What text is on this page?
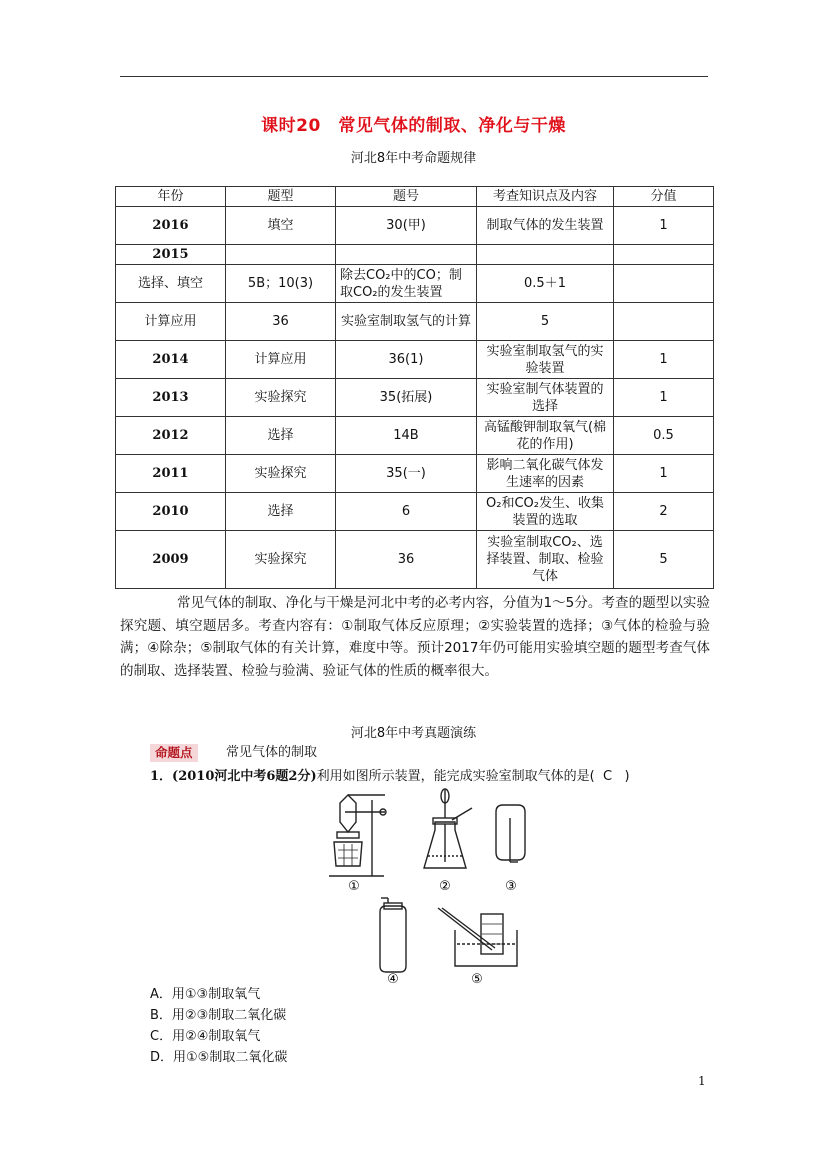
课时20　常见气体的制取、净化与干燥
河北8年中考命题规律
年份	题型	题号	考查知识点及内容	分值
2016	填空	30(甲)	制取气体的发生装置	1
2015				
选择、填空	5B；10(3)	除去CO₂中的CO；制取CO₂的发生装置	0.5＋1	
计算应用	36	实验室制取氢气的计算	5	
2014	计算应用	36(1)	实验室制取氢气的实验装置	1
2013	实验探究	35(拓展)	实验室制气体装置的选择	1
2012	选择	14B	高锰酸钾制取氧气(棉花的作用)	0.5
2011	实验探究	35(一)	影响二氧化碳气体发生速率的因素	1
2010	选择	6	O₂和CO₂发生、收集装置的选取	2
2009	实验探究	36	实验室制取CO₂、选择装置、制取、检验气体	5
常见气体的制取、净化与干燥是河北中考的必考内容，分值为1～5分。考查的题型以实验探究题、填空题居多。考查内容有：①制取气体反应原理；②实验装置的选择；③气体的检验与验满；④除杂；⑤制取气体的有关计算，难度中等。预计2017年仍可能用实验填空题的题型考查气体的制取、选择装置、检验与验满、验证气体的性质的概率很大。
河北8年中考真题演练
命题点	常见气体的制取
1．(2010河北中考6题2分)利用如图所示装置，能完成实验室制取气体的是( C )
①	②	③
④	⑤
A．用①③制取氧气
B．用②③制取二氧化碳
C．用②④制取氧气
D．用①⑤制取二氧化碳
1
